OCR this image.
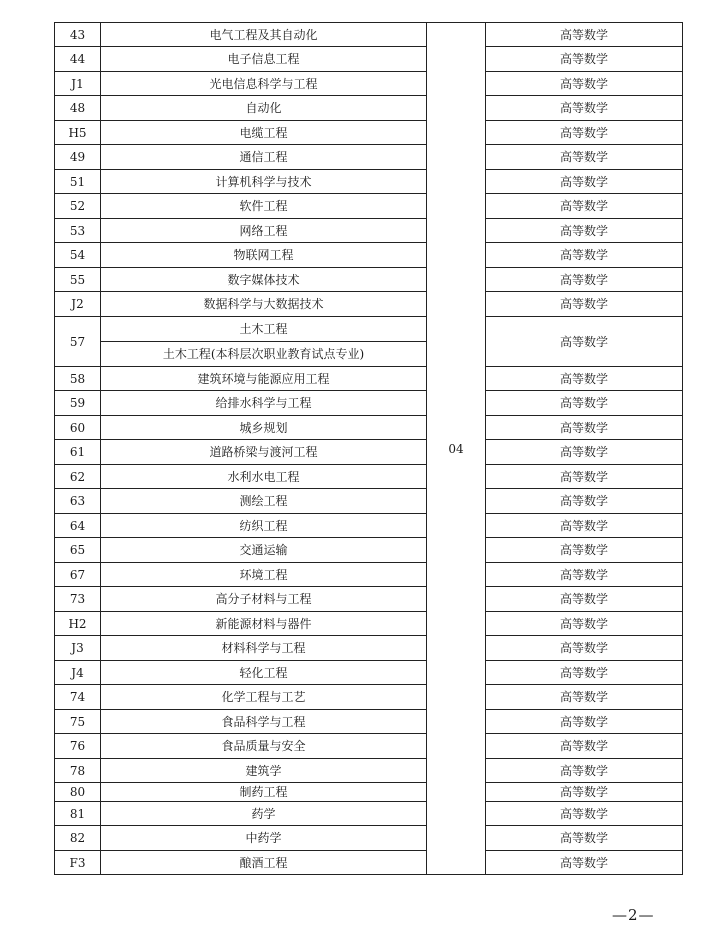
43	电气工程及其自动化	04	高等数学
44	电子信息工程		高等数学
J1	光电信息科学与工程		高等数学
48	自动化		高等数学
H5	电缆工程		高等数学
49	通信工程		高等数学
51	计算机科学与技术		高等数学
52	软件工程		高等数学
53	网络工程		高等数学
54	物联网工程		高等数学
55	数字媒体技术		高等数学
J2	数据科学与大数据技术		高等数学
57	土木工程		高等数学
	土木工程(本科层次职业教育试点专业)		
58	建筑环境与能源应用工程		高等数学
59	给排水科学与工程		高等数学
60	城乡规划		高等数学
61	道路桥梁与渡河工程		高等数学
62	水利水电工程		高等数学
63	测绘工程		高等数学
64	纺织工程		高等数学
65	交通运输		高等数学
67	环境工程		高等数学
73	高分子材料与工程		高等数学
H2	新能源材料与器件		高等数学
J3	材料科学与工程		高等数学
J4	轻化工程		高等数学
74	化学工程与工艺		高等数学
75	食品科学与工程		高等数学
76	食品质量与安全		高等数学
78	建筑学		高等数学
80	制药工程		高等数学
81	药学		高等数学
82	中药学		高等数学
F3	酿酒工程		高等数学
—2—
